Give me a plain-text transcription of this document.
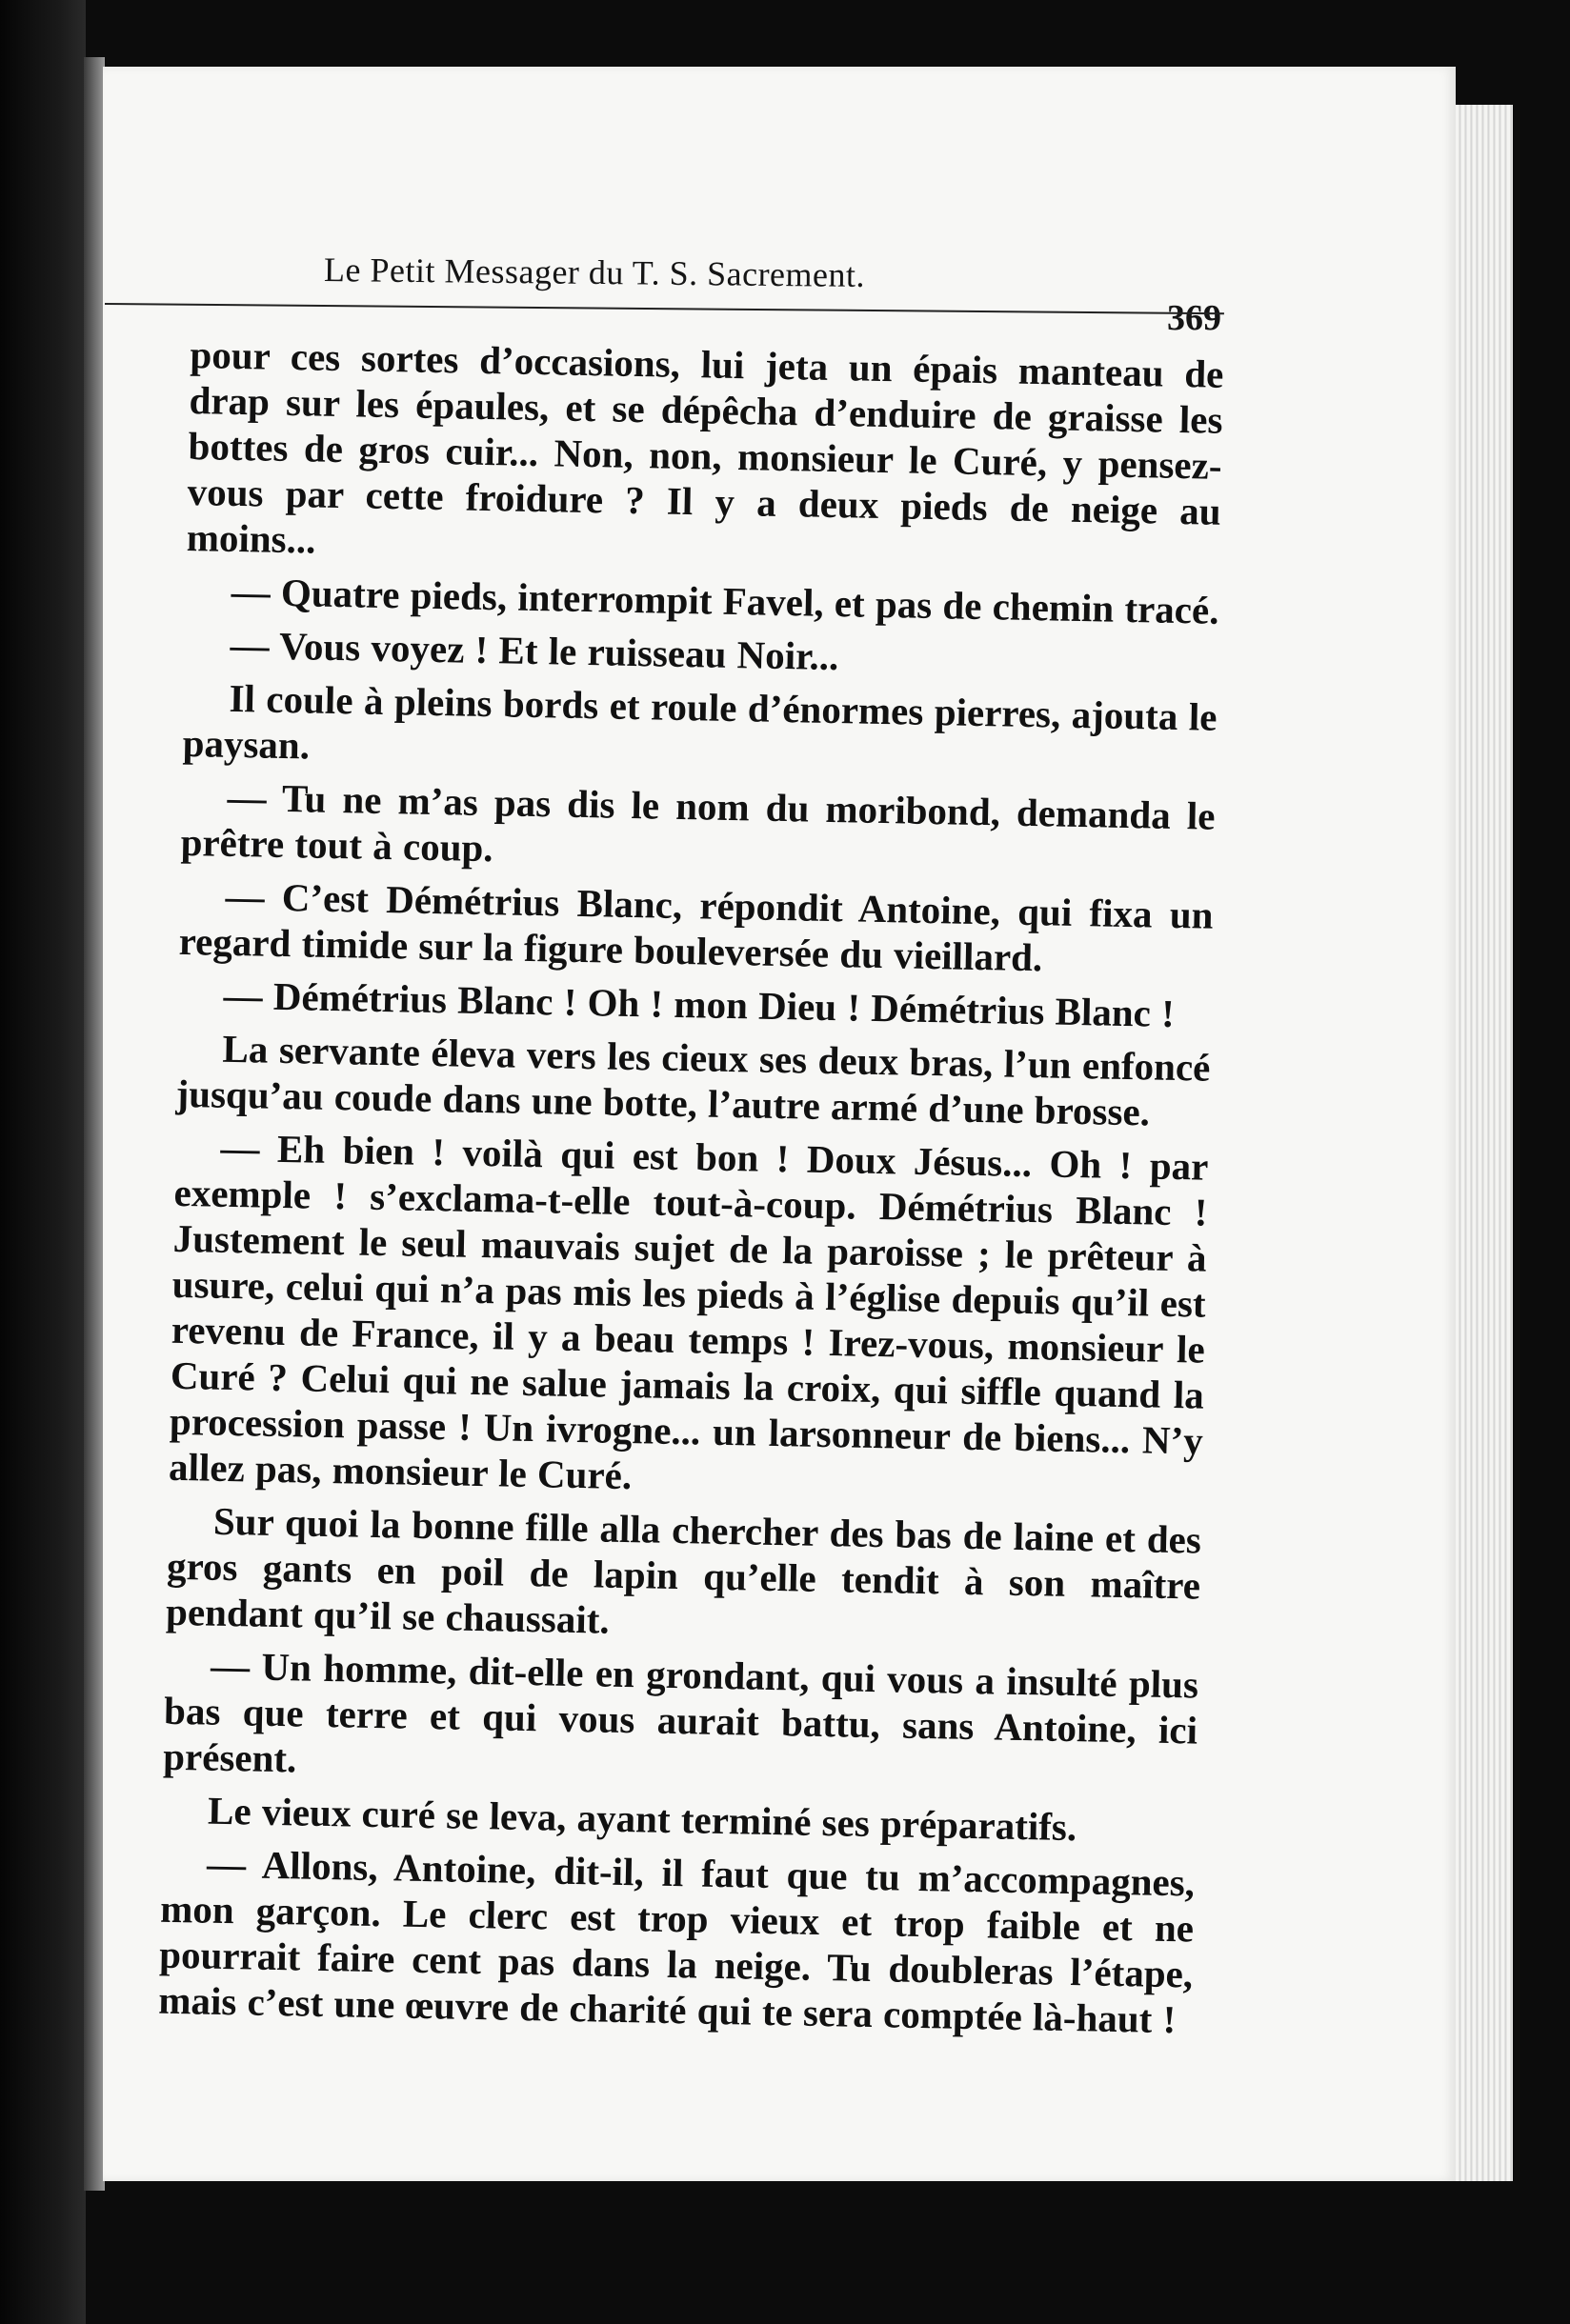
Le Petit Messager du T. S. Sacrement.
369

pour ces sortes d’occasions, lui jeta un épais manteau de drap sur les épaules, et se dépêcha d’enduire de graisse les bottes de gros cuir... Non, non, monsieur le Curé, y pensez-vous par cette froidure ? Il y a deux pieds de neige au moins...

— Quatre pieds, interrompit Favel, et pas de chemin tracé.

— Vous voyez ! Et le ruisseau Noir...

Il coule à pleins bords et roule d’énormes pierres, ajouta le paysan.

— Tu ne m’as pas dis le nom du moribond, demanda le prêtre tout à coup.

— C’est Démétrius Blanc, répondit Antoine, qui fixa un regard timide sur la figure bouleversée du vieillard.

— Démétrius Blanc ! Oh ! mon Dieu ! Démétrius Blanc !

La servante éleva vers les cieux ses deux bras, l’un enfoncé jusqu’au coude dans une botte, l’autre armé d’une brosse.

— Eh bien ! voilà qui est bon ! Doux Jésus... Oh ! par exemple ! s’exclama-t-elle tout-à-coup. Démétrius Blanc ! Justement le seul mauvais sujet de la paroisse ; le prêteur à usure, celui qui n’a pas mis les pieds à l’église depuis qu’il est revenu de France, il y a beau temps ! Irez-vous, monsieur le Curé ? Celui qui ne salue jamais la croix, qui siffle quand la procession passe ! Un ivrogne... un larsonneur de biens... N’y allez pas, monsieur le Curé.

Sur quoi la bonne fille alla chercher des bas de laine et des gros gants en poil de lapin qu’elle tendit à son maître pendant qu’il se chaussait.

— Un homme, dit-elle en grondant, qui vous a insulté plus bas que terre et qui vous aurait battu, sans Antoine, ici présent.

Le vieux curé se leva, ayant terminé ses préparatifs.

— Allons, Antoine, dit-il, il faut que tu m’accompagnes, mon garçon. Le clerc est trop vieux et trop faible et ne pourrait faire cent pas dans la neige. Tu doubleras l’étape, mais c’est une œuvre de charité qui te sera comptée là-haut !
